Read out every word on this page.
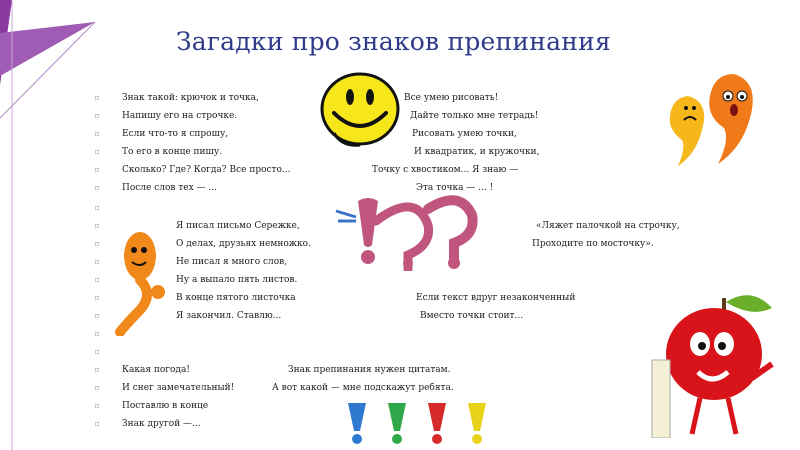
Загадки про знаков препинания
⌑
⌑
⌑
⌑
⌑
⌑
⌑
⌑
⌑
⌑
⌑
⌑
⌑
⌑
⌑
⌑
⌑
⌑
⌑
Знак такой: крючок и точка,
Напишу его на строчке.
Если что-то я спрошу,
То его в конце пишу.
Сколько? Где? Когда? Все просто...
После слов тех — ...
Я писал письмо Сережке,
О делах, друзьях немножко.
Не писал я много слов,
Ну а выпало пять листов.
В конце пятого листочка
Я закончил. Ставлю...
Какая погода!
И снег замечательный!
Поставлю в конце
Знак другой —...
Все умею рисовать!
Дайте только мне тетрадь!
Рисовать умею точки,
И квадратик, и кружочки,
Точку с хвостиком... Я знаю —
Эта точка — ... !
«Ляжет палочкой на строчку,
Проходите по мосточку».
Если текст вдруг незаконченный
Вместо точки стоит...
Знак препинания нужен цитатам.
А вот какой — мне подскажут ребята.
